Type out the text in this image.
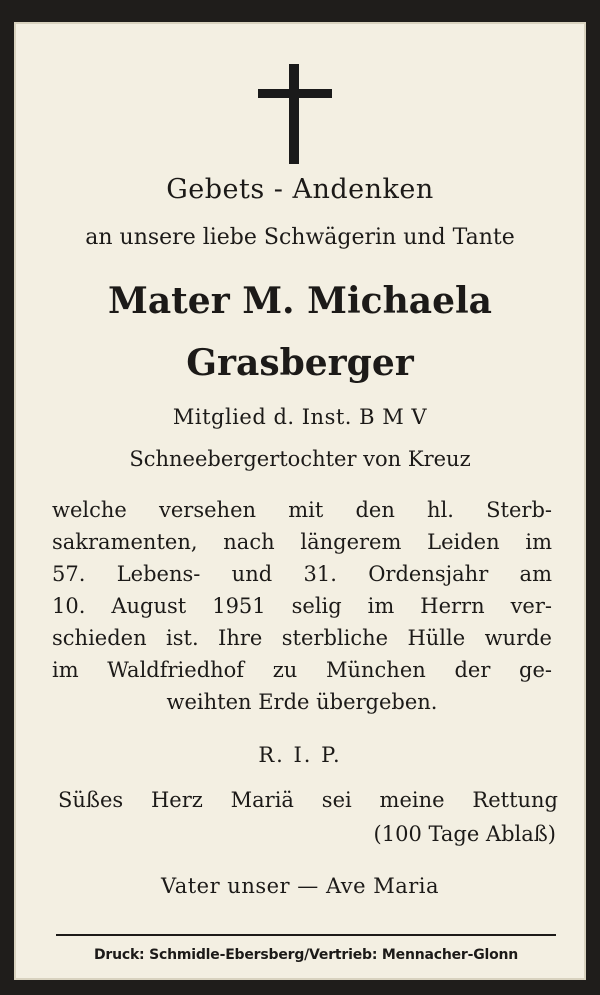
Gebets - Andenken
an unsere liebe Schwägerin und Tante
Mater M. Michaela
Grasberger
Mitglied d. Inst. B M V
Schneebergertochter von Kreuz
welche versehen mit den hl. Sterb-
sakramenten, nach längerem Leiden im
57. Lebens- und 31. Ordensjahr am
10. August 1951 selig im Herrn ver-
schieden ist. Ihre sterbliche Hülle wurde
im Waldfriedhof zu München der ge-
weihten Erde übergeben.
R. I. P.
Süßes Herz Mariä sei meine Rettung
(100 Tage Ablaß)
Vater unser — Ave Maria
Druck: Schmidle-Ebersberg/Vertrieb: Mennacher-Glonn
